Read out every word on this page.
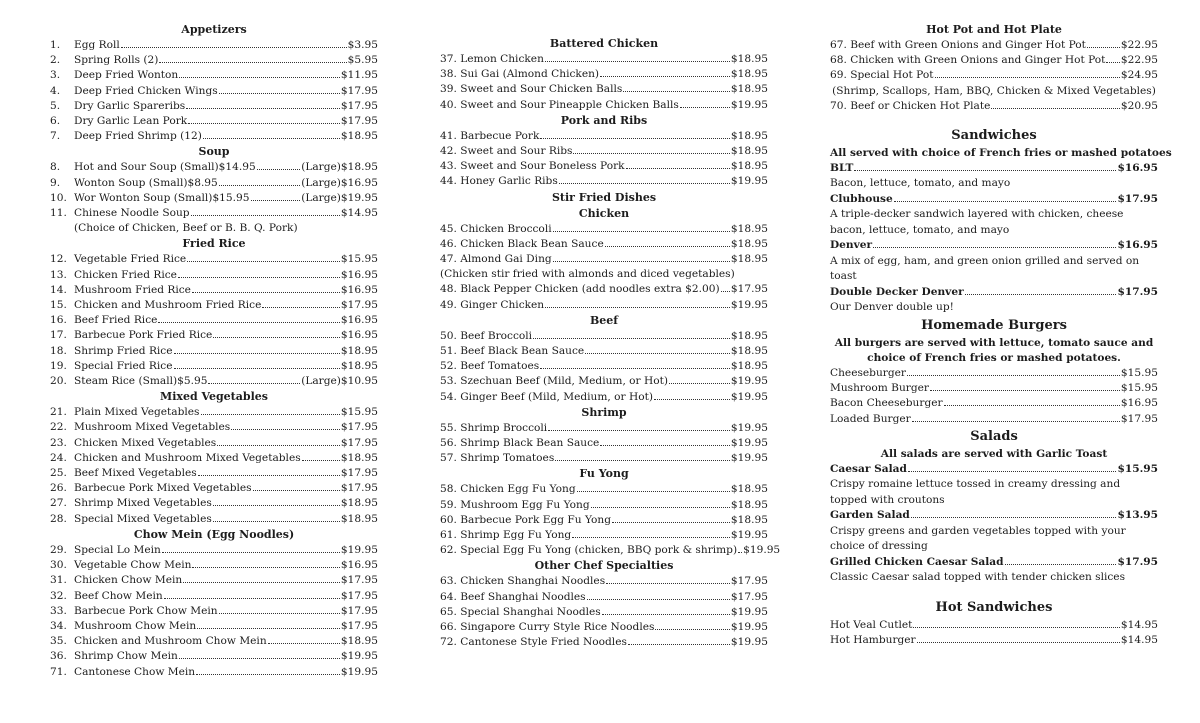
Appetizers
1.	Egg Roll	$3.95
2.	Spring Rolls (2)	$5.95
3.	Deep Fried Wonton	$11.95
4.	Deep Fried Chicken Wings	$17.95
5.	Dry Garlic Spareribs	$17.95
6.	Dry Garlic Lean Pork	$17.95
7.	Deep Fried Shrimp (12)	$18.95
Soup
8.	Hot and Sour Soup (Small)$14.95	(Large)$18.95
9.	Wonton Soup (Small)$8.95	(Large)$16.95
10. Wor Wonton Soup (Small)$15.95	(Large)$19.95
11. Chinese Noodle Soup	$14.95
(Choice of Chicken, Beef or B. B. Q. Pork)
Fried Rice
12. Vegetable Fried Rice	$15.95
13. Chicken Fried Rice	$16.95
14. Mushroom Fried Rice	$16.95
15. Chicken and Mushroom Fried Rice	$17.95
16. Beef Fried Rice	$16.95
17. Barbecue Pork Fried Rice	$16.95
18. Shrimp Fried Rice	$18.95
19. Special Fried Rice	$18.95
20. Steam Rice (Small)$5.95	(Large)$10.95
Mixed Vegetables
21. Plain Mixed Vegetables	$15.95
22. Mushroom Mixed Vegetables	$17.95
23. Chicken Mixed Vegetables	$17.95
24. Chicken and Mushroom Mixed Vegetables	$18.95
25. Beef Mixed Vegetables	$17.95
26. Barbecue Pork Mixed Vegetables	$17.95
27. Shrimp Mixed Vegetables	$18.95
28. Special Mixed Vegetables	$18.95
Chow Mein (Egg Noodles)
29. Special Lo Mein	$19.95
30. Vegetable Chow Mein	$16.95
31. Chicken Chow Mein	$17.95
32. Beef Chow Mein	$17.95
33. Barbecue Pork Chow Mein	$17.95
34. Mushroom Chow Mein	$17.95
35. Chicken and Mushroom Chow Mein	$18.95
36. Shrimp Chow Mein	$19.95
71. Cantonese Chow Mein	$19.95
Battered Chicken
37. Lemon Chicken	$18.95
38. Sui Gai (Almond Chicken)	$18.95
39. Sweet and Sour Chicken Balls	$18.95
40. Sweet and Sour Pineapple Chicken Balls	$19.95
Pork and Ribs
41. Barbecue Pork	$18.95
42. Sweet and Sour Ribs	$18.95
43. Sweet and Sour Boneless Pork	$18.95
44. Honey Garlic Ribs	$19.95
Stir Fried Dishes
Chicken
45. Chicken Broccoli	$18.95
46. Chicken Black Bean Sauce	$18.95
47. Almond Gai Ding	$18.95
(Chicken stir fried with almonds and diced vegetables)
48. Black Pepper Chicken (add noodles extra $2.00) $17.95
49. Ginger Chicken	$19.95
Beef
50. Beef Broccoli	$18.95
51. Beef Black Bean Sauce	$18.95
52. Beef Tomatoes	$18.95
53. Szechuan Beef (Mild, Medium, or Hot)	$19.95
54. Ginger Beef (Mild, Medium, or Hot)	$19.95
Shrimp
55. Shrimp Broccoli	$19.95
56. Shrimp Black Bean Sauce	$19.95
57. Shrimp Tomatoes	$19.95
Fu Yong
58. Chicken Egg Fu Yong	$18.95
59. Mushroom Egg Fu Yong	$18.95
60. Barbecue Pork Egg Fu Yong	$18.95
61. Shrimp Egg Fu Yong	$19.95
62. Special Egg Fu Yong (chicken, BBQ pork & shrimp) $19.95
Other Chef Specialties
63. Chicken Shanghai Noodles	$17.95
64. Beef Shanghai Noodles	$17.95
65. Special Shanghai Noodles	$19.95
66. Singapore Curry Style Rice Noodles	$19.95
72. Cantonese Style Fried Noodles	$19.95
Hot Pot and Hot Plate
67. Beef with Green Onions and Ginger Hot Pot	$22.95
68. Chicken with Green Onions and Ginger Hot Pot $22.95
69. Special Hot Pot	$24.95
(Shrimp, Scallops, Ham, BBQ, Chicken & Mixed Vegetables)
70. Beef or Chicken Hot Plate	$20.95
Sandwiches
All served with choice of French fries or mashed potatoes
BLT	$16.95
Bacon, lettuce, tomato, and mayo
Clubhouse	$17.95
A triple-decker sandwich layered with chicken, cheese bacon, lettuce, tomato, and mayo
Denver	$16.95
A mix of egg, ham, and green onion grilled and served on toast
Double Decker Denver	$17.95
Our Denver double up!
Homemade Burgers
All burgers are served with lettuce, tomato sauce and
choice of French fries or mashed potatoes.
Cheeseburger	$15.95
Mushroom Burger	$15.95
Bacon Cheeseburger	$16.95
Loaded Burger	$17.95
Salads
All salads are served with Garlic Toast
Caesar Salad	$15.95
Crispy romaine lettuce tossed in creamy dressing and topped with croutons
Garden Salad	$13.95
Crispy greens and garden vegetables topped with your choice of dressing
Grilled Chicken Caesar Salad	$17.95
Classic Caesar salad topped with tender chicken slices
Hot Sandwiches
Hot Veal Cutlet	$14.95
Hot Hamburger	$14.95
